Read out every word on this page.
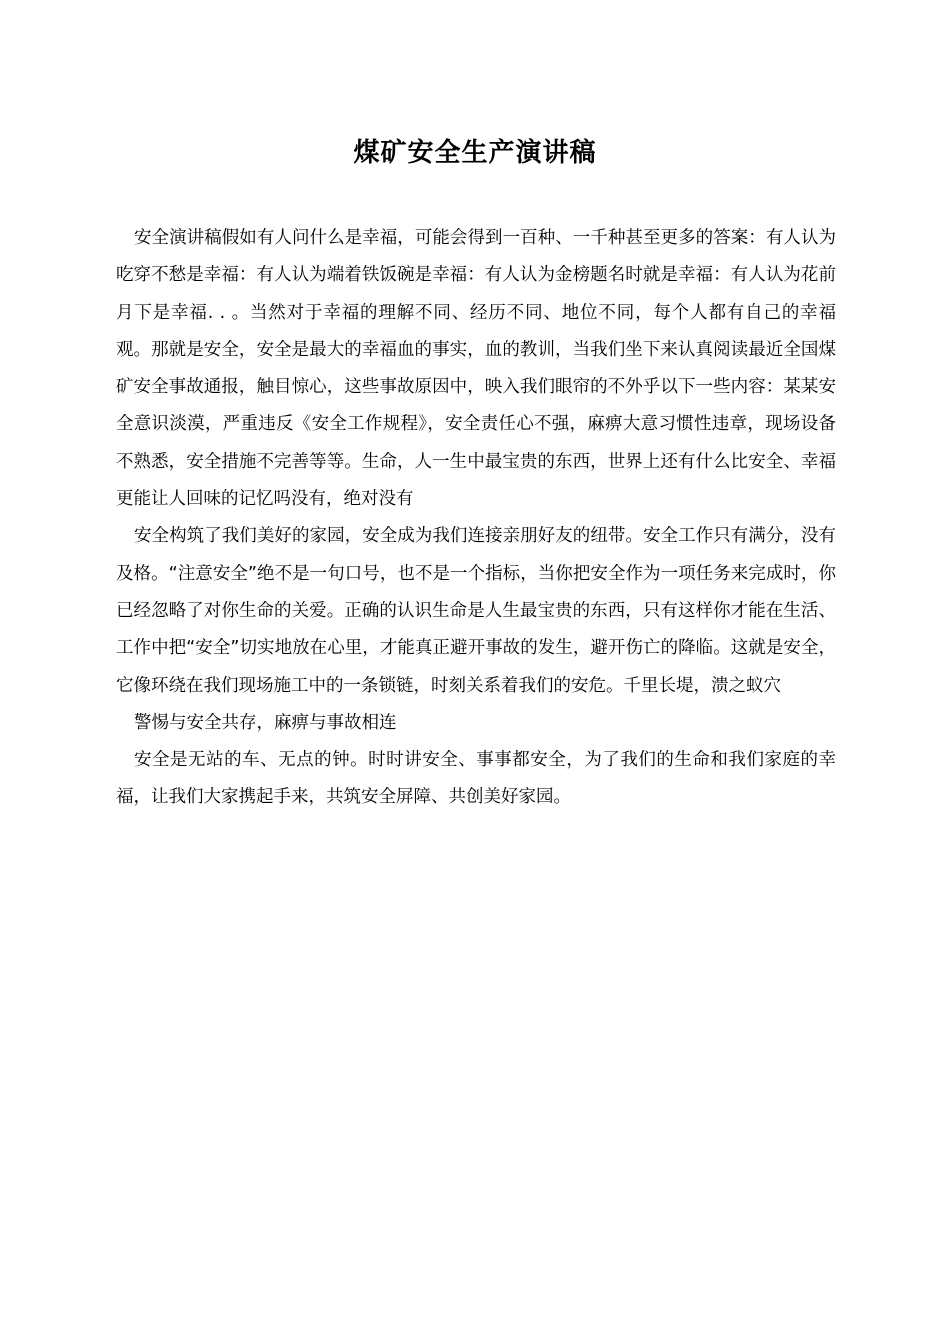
煤矿安全生产演讲稿

安全演讲稿假如有人问什么是幸福，可能会得到一百种、一千种甚至更多的答案：有人认为吃穿不愁是幸福：有人认为端着铁饭碗是幸福：有人认为金榜题名时就是幸福：有人认为花前月下是幸福. . 。当然对于幸福的理解不同、经历不同、地位不同，每个人都有自己的幸福观。那就是安全，安全是最大的幸福血的事实，血的教训，当我们坐下来认真阅读最近全国煤矿安全事故通报，触目惊心，这些事故原因中，映入我们眼帘的不外乎以下一些内容：某某安全意识淡漠，严重违反《安全工作规程》，安全责任心不强，麻痹大意习惯性违章，现场设备不熟悉，安全措施不完善等等。生命，人一生中最宝贵的东西，世界上还有什么比安全、幸福更能让人回味的记忆吗没有，绝对没有

安全构筑了我们美好的家园，安全成为我们连接亲朋好友的纽带。安全工作只有满分，没有及格。“注意安全”绝不是一句口号，也不是一个指标，当你把安全作为一项任务来完成时，你已经忽略了对你生命的关爱。正确的认识生命是人生最宝贵的东西，只有这样你才能在生活、工作中把“安全”切实地放在心里，才能真正避开事故的发生，避开伤亡的降临。这就是安全，它像环绕在我们现场施工中的一条锁链，时刻关系着我们的安危。千里长堤，溃之蚁穴

警惕与安全共存，麻痹与事故相连

安全是无站的车、无点的钟。时时讲安全、事事都安全，为了我们的生命和我们家庭的幸福，让我们大家携起手来，共筑安全屏障、共创美好家园。
